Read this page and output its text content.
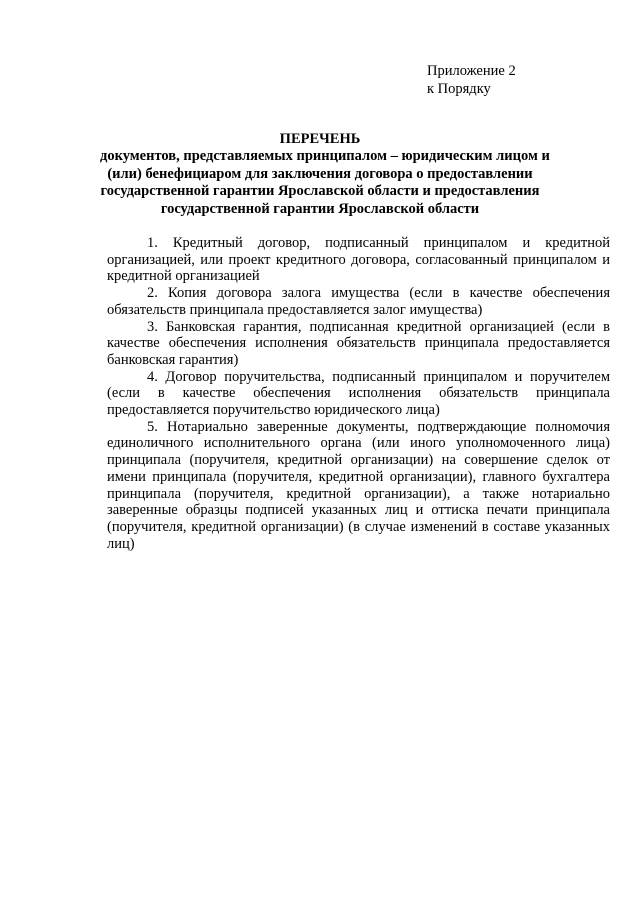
Приложение 2
к Порядку
ПЕРЕЧЕНЬ
документов, представляемых принципалом – юридическим лицом и
(или) бенефициаром для заключения договора о предоставлении
государственной гарантии Ярославской области и предоставления
государственной гарантии Ярославской области

1. Кредитный договор, подписанный принципалом и кредитной организацией, или проект кредитного договора, согласованный принципалом и кредитной организацией

2. Копия договора залога имущества (если в качестве обеспечения обязательств принципала предоставляется залог имущества)

3. Банковская гарантия, подписанная кредитной организацией (если в качестве обеспечения исполнения обязательств принципала предоставляется банковская гарантия)

4. Договор поручительства, подписанный принципалом и поручителем (если в качестве обеспечения исполнения обязательств принципала предоставляется поручительство юридического лица)

5. Нотариально заверенные документы, подтверждающие полномочия единоличного исполнительного органа (или иного уполномоченного лица) принципала (поручителя, кредитной организации) на совершение сделок от имени принципала (поручителя, кредитной организации), главного бухгалтера принципала (поручителя, кредитной организации), а также нотариально заверенные образцы подписей указанных лиц и оттиска печати принципала (поручителя, кредитной организации) (в случае изменений в составе указанных лиц)
